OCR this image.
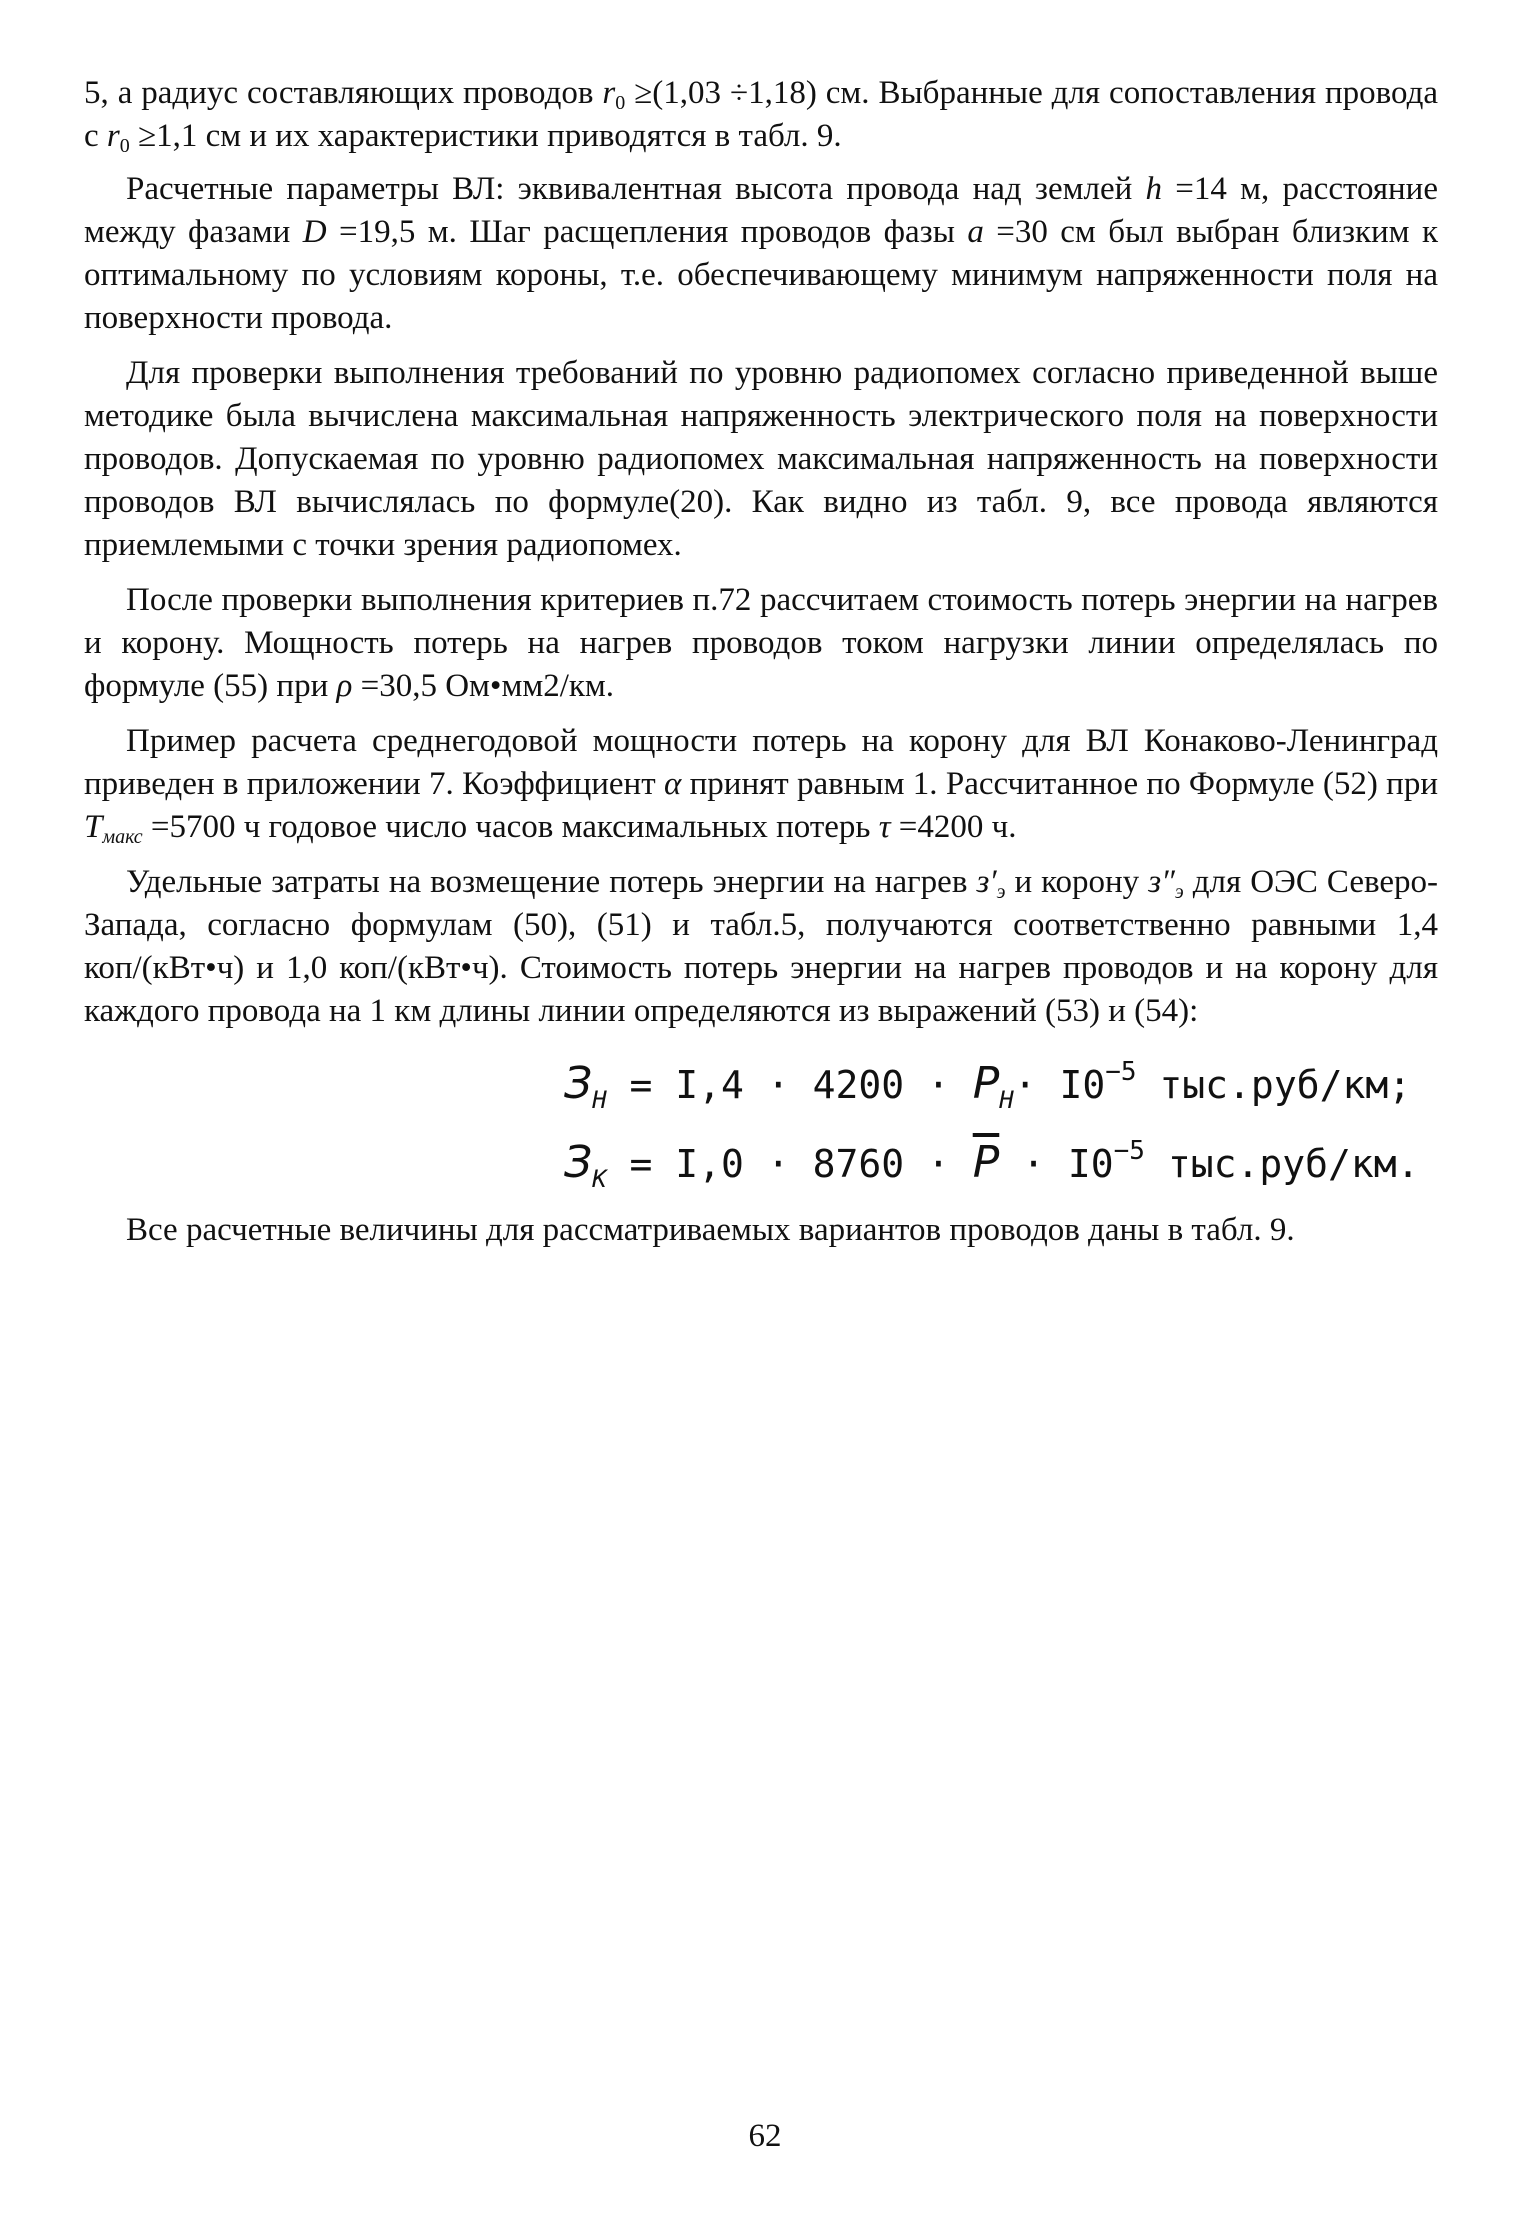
5, а радиус составляющих проводов $r_0 \ge(1,03 \div 1,18)$ см. Выбранные для сопоставления провода с $r_0 \ge 1,1$ см и их характеристики приводятся в табл. 9.

Расчетные параметры ВЛ: эквивалентная высота провода над землей h =14 м, расстояние между фазами D =19,5 м. Шаг расщепления проводов фазы a =30 см был выбран близким к оптимальному по условиям короны, т.е. обеспечивающему минимум напряженности поля на поверхности провода.

Для проверки выполнения требований по уровню радиопомех согласно приведенной выше методике была вычислена максимальная напряженность электрического поля на поверхности проводов. Допускаемая по уровню радиопомех максимальная напряженность на поверхности проводов ВЛ вычислялась по формуле(20). Как видно из табл. 9, все провода являются приемлемыми с точки зрения радиопомех.

После проверки выполнения критериев п.72 рассчитаем стоимость потерь энергии на нагрев и корону. Мощность потерь на нагрев проводов током нагрузки линии определялась по формуле (55) при ρ =30,5 Ом•мм2/км.

Пример расчета среднегодовой мощности потерь на корону для ВЛ Конаково-Ленинград приведен в приложении 7. Коэффициент α принят равным 1. Рассчитанное по Формуле (52) при $T_{макс} =5700$ ч годовое число часов максимальных потерь τ =4200 ч.

Удельные затраты на возмещение потерь энергии на нагрев $з'_э$ и корону $з''_э$ для ОЭС Северо-Запада, согласно формулам (50), (51) и табл.5, получаются соответственно равными 1,4 коп/(кВт•ч) и 1,0 коп/(кВт•ч). Стоимость потерь энергии на нагрев проводов и на корону для каждого провода на 1 км длины линии определяются из выражений (53) и (54):

$З_Н = I,4 \cdot 4200 \cdot Р_Н\cdot I0^{-5}$ тыс.руб/км;
$З_К = I,0 \cdot 8760 \cdot Р \cdot I0^{-5}$ тыс.руб/км.

Все расчетные величины для рассматриваемых вариантов проводов даны в табл. 9.

62
